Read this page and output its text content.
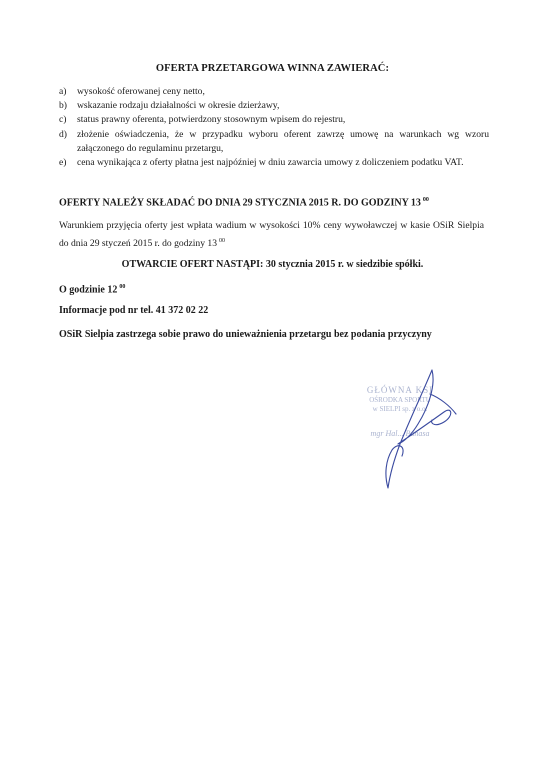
OFERTA PRZETARGOWA WINNA ZAWIERAĆ:
a)	wysokość oferowanej ceny netto,
b)	wskazanie rodzaju działalności w okresie dzierżawy,
c)	status prawny oferenta, potwierdzony stosownym wpisem do rejestru,
d)	złożenie oświadczenia, że w przypadku wyboru oferent zawrzę umowę na warunkach wg wzoru załączonego do regulaminu przetargu,
e)	cena wynikająca z oferty płatna jest najpóźniej w dniu zawarcia umowy z doliczeniem podatku VAT.
OFERTY NALEŻY SKŁADAĆ DO DNIA 29 STYCZNIA 2015 R. DO GODZINY 13 $^{00}$
Warunkiem przyjęcia oferty jest wpłata wadium w wysokości 10% ceny wywoławczej w kasie OSiR Sielpia do dnia 29 styczeń 2015 r. do godziny 13 $^{00}$
OTWARCIE OFERT NASTĄPI: 30 stycznia 2015 r. w siedzibie spółki.
O godzinie 12 $^{00}$
Informacje pod nr tel. 41 372 02 22
OSiR Sielpia zastrzega sobie prawo do unieważnienia przetargu bez podania przyczyny
GŁÓWNA KSI
OŚRODKA SPORTU
w SIELPI sp. z o.o.
mgr Hal... Panasa
